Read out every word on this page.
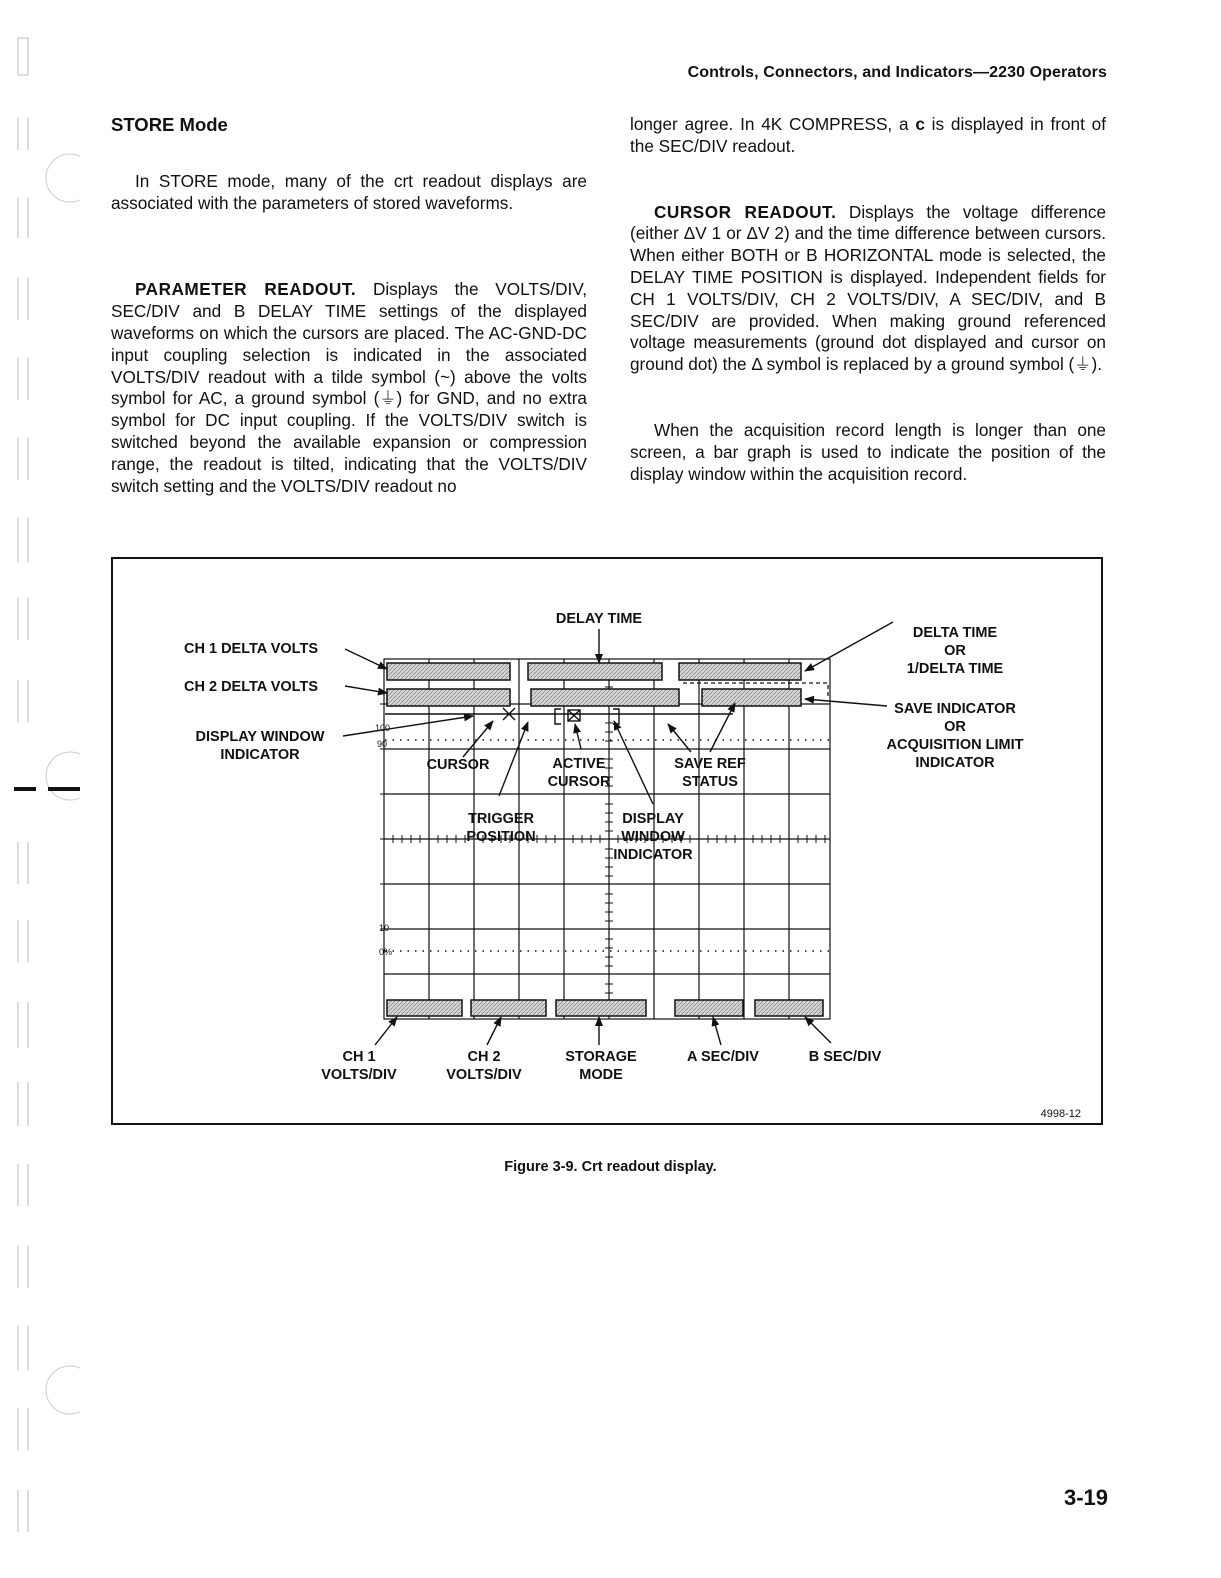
Controls, Connectors, and Indicators—2230 Operators

STORE Mode

In STORE mode, many of the crt readout displays are associated with the parameters of stored waveforms.

PARAMETER READOUT. Displays the VOLTS/DIV, SEC/DIV and B DELAY TIME settings of the displayed waveforms on which the cursors are placed. The AC-GND-DC input coupling selection is indicated in the associated VOLTS/DIV readout with a tilde symbol (~) above the volts symbol for AC, a ground symbol (⏚) for GND, and no extra symbol for DC input coupling. If the VOLTS/DIV switch is switched beyond the available expansion or compression range, the readout is tilted, indicating that the VOLTS/DIV switch setting and the VOLTS/DIV readout no

longer agree. In 4K COMPRESS, a c is displayed in front of the SEC/DIV readout.

CURSOR READOUT. Displays the voltage difference (either ΔV 1 or ΔV 2) and the time difference between cursors. When either BOTH or B HORIZONTAL mode is selected, the DELAY TIME POSITION is displayed. Independent fields for CH 1 VOLTS/DIV, CH 2 VOLTS/DIV, A SEC/DIV, and B SEC/DIV are provided. When making ground referenced voltage measurements (ground dot displayed and cursor on ground dot) the Δ symbol is replaced by a ground symbol (⏚).

When the acquisition record length is longer than one screen, a bar graph is used to indicate the position of the display window within the acquisition record.

100
90
10
0%
DELAY TIME
CH 1 DELTA VOLTS
CH 2 DELTA VOLTS
DISPLAY WINDOW
INDICATOR
DELTA TIME
OR
1/DELTA TIME
SAVE INDICATOR
OR
ACQUISITION LIMIT
INDICATOR
CURSOR	ACTIVE
CURSOR
SAVE REF
STATUS
TRIGGER
POSITION
DISPLAY
WINDOW
INDICATOR
CH 1
VOLTS/DIV
CH 2
VOLTS/DIV
STORAGE
MODE
A SEC/DIV	B SEC/DIV
4998-12
Figure 3-9. Crt readout display.
3-19
